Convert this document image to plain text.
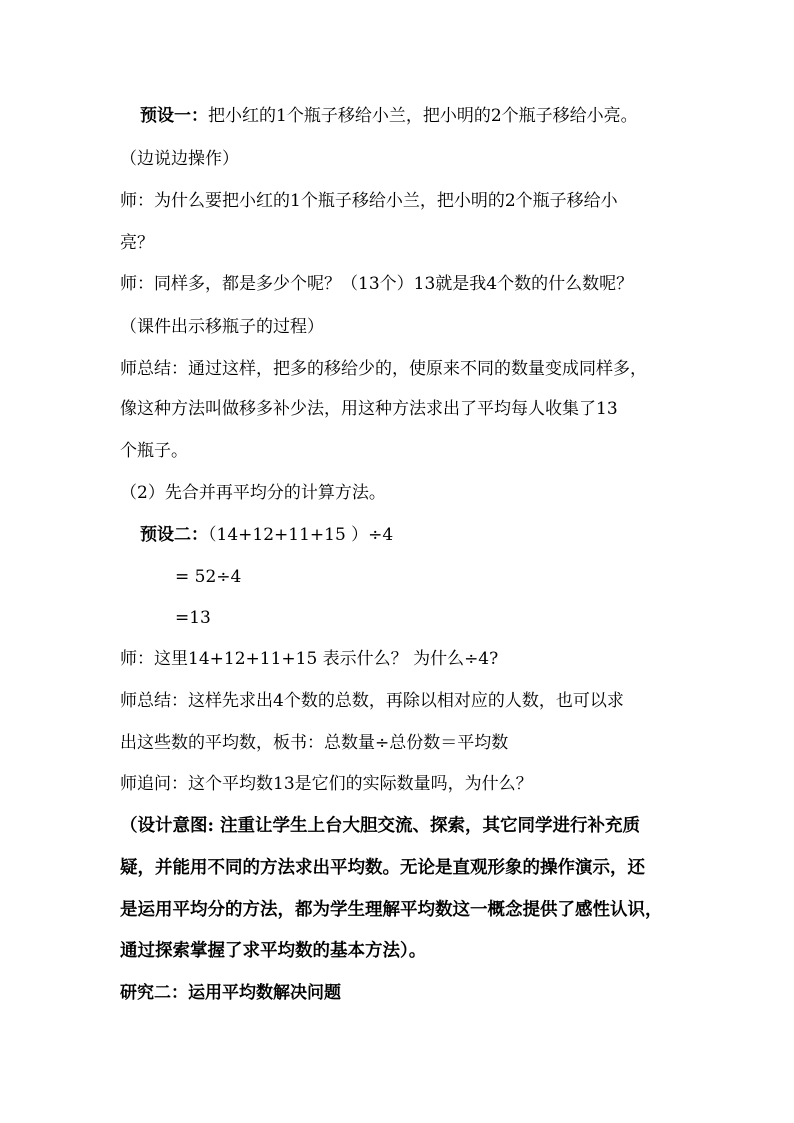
预设一：把小红的1个瓶子移给小兰，把小明的2个瓶子移给小亮。
（边说边操作）
师：为什么要把小红的1个瓶子移给小兰，把小明的2个瓶子移给小
亮？
师：同样多，都是多少个呢？（13个）13就是我4个数的什么数呢？
（课件出示移瓶子的过程）
师总结：通过这样，把多的移给少的，使原来不同的数量变成同样多，
像这种方法叫做移多补少法，用这种方法求出了平均每人收集了13
个瓶子。
（2）先合并再平均分的计算方法。
预设二：（14+12+11+15 ）÷4
= 52÷4
=13
师：这里14+12+11+15 表示什么？ 为什么÷4?
师总结：这样先求出4个数的总数，再除以相对应的人数，也可以求
出这些数的平均数，板书：总数量÷总份数＝平均数
师追问：这个平均数13是它们的实际数量吗，为什么？
（设计意图: 注重让学生上台大胆交流、探索，其它同学进行补充质
疑，并能用不同的方法求出平均数。无论是直观形象的操作演示，还
是运用平均分的方法，都为学生理解平均数这一概念提供了感性认识，
通过探索掌握了求平均数的基本方法）。
研究二：运用平均数解决问题
